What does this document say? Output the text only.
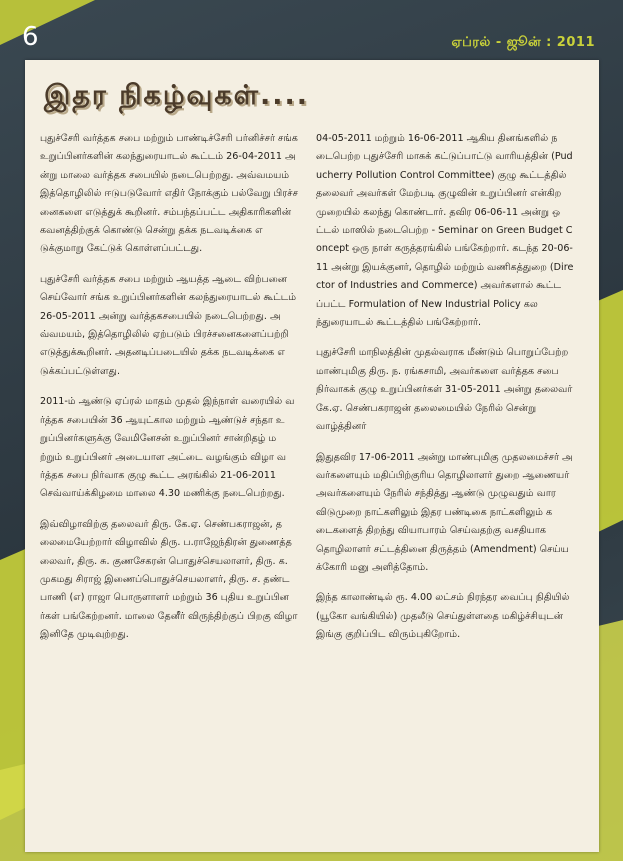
6	ஏப்ரல் - ஜூன் : 2011
இதர நிகழ்வுகள்....

புதுச்சேரி வர்த்தக சபை மற்றும் பாண்டிச்சேரி பர்னிச்சர் சங்க உறுப்பினர்களின் கலந்துரையாடல் கூட்டம் 26-04-2011 அன்று மாலை வர்த்தக சபையில் நடைபெற்றது. அவ்வமயம் இத்தொழிலில் ஈடுபடுவோர் எதிர் நோக்கும் பல்வேறு பிரச்சனைகளை எடுத்துக் கூறினர். சம்பந்தப்பட்ட அதிகாரிகளின் கவனத்திற்குக் கொண்டு சென்று தக்க நடவடிக்கை எடுக்குமாறு கேட்டுக் கொள்ளப்பட்டது.

புதுச்சேரி வர்த்தக சபை மற்றும் ஆயத்த ஆடை விற்பனை செய்வோர் சங்க உறுப்பினர்களின் கலந்துரையாடல் கூட்டம் 26-05-2011 அன்று வர்த்தகசபையில் நடைபெற்றது. அவ்வமயம், இத்தொழிலில் ஏற்படும் பிரச்சனைகளைப்பற்றி எடுத்துக்கூறினர். அதனடிப்படையில் தக்க நடவடிக்கை எடுக்கப்பட்டுள்ளது.

2011-ம் ஆண்டு ஏப்ரல் மாதம் முதல் இந்நாள் வரையில் வர்த்தக சபையின் 36 ஆயுட்கால மற்றும் ஆண்டுச் சந்தா உறுப்பினர்களுக்கு வேமினேசன் உறுப்பினர் சான்றிதழ் மற்றும் உறுப்பினர் அடையாள அட்டை வழங்கும் விழா வர்த்தக சபை நிர்வாக குழு கூட்ட அரங்கில் 21-06-2011 செவ்வாய்க்கிழமை மாலை 4.30 மணிக்கு நடைபெற்றது.

இவ்விழாவிற்கு தலைவர் திரு. கே.ஏ. செண்பகராஜன், தலைமையேற்றார் விழாவில் திரு. ப.ராஜேந்திரன் துணைத்தலைவர், திரு. சு. குணசேகரன் பொதுச்செயலாளர், திரு. க.முகமது சிராஜ் இணைப்பொதுச்செயலாளர், திரு. ச. தண்டபாணி (எ) ராஜா பொருளாளர் மற்றும் 36 புதிய உறுப்பினர்கள் பங்கேற்றனர். மாலை தேனீர் விருந்திற்குப் பிறகு விழா இனிதே முடிவுற்றது.

04-05-2011 மற்றும் 16-06-2011 ஆகிய தினங்களில் நடைபெற்ற புதுச்சேரி மாசுக் கட்டுப்பாட்டு வாரியத்தின் (Puducherry Pollution Control Committee) குழு கூட்டத்தில் தலைவர் அவர்கள் மேற்படி குழுவின் உறுப்பினர் என்கிற முறையில் கலந்து கொண்டார். தவிர 06-06-11 அன்று ஒட்டல் மாஸில் நடைபெற்ற - Seminar on Green Budget Concept ஒரு நாள் கருத்தரங்கில் பங்கேற்றார். கடந்த 20-06-11 அன்று இயக்குனர், தொழில் மற்றும் வணிகத்துறை (Director of Industries and Commerce) அவர்களால் கூட்டப்பட்ட Formulation of New Industrial Policy கலந்துரையாடல் கூட்டத்தில் பங்கேற்றார்.

புதுச்சேரி மாநிலத்தின் முதல்வராக மீண்டும் பொறுப்பேற்ற மாண்புமிகு திரு. ந. ரங்கசாமி, அவர்களை வர்த்தக சபை நிர்வாகக் குழு உறுப்பினர்கள் 31-05-2011 அன்று தலைவர் கே.ஏ. செண்பகராஜன் தலைமையில் நேரில் சென்று வாழ்த்தினர்

இதுதவிர 17-06-2011 அன்று மாண்புமிகு முதலமைச்சர் அவர்களையும் மதிப்பிற்குரிய தொழிலாளர் துறை ஆணையர் அவர்களையும் நேரில் சந்தித்து ஆண்டு முழுவதும் வார விடுமுறை நாட்களிலும் இதர பண்டிகை நாட்களிலும் கடைகளைத் திறந்து வியாபாரம் செய்வதற்கு வசதியாக தொழிலாளர் சட்டத்தினை திருத்தம் (Amendment) செய்யக்கோரி மனு அளித்தோம்.

இந்த காலாண்டில் ரூ. 4.00 லட்சம் நிரந்தர வைப்பு நிதியில் (யூகோ வங்கியில்) முதலீடு செய்துள்ளதை மகிழ்ச்சியுடன் இங்கு குறிப்பிட விரும்புகிறோம்.
